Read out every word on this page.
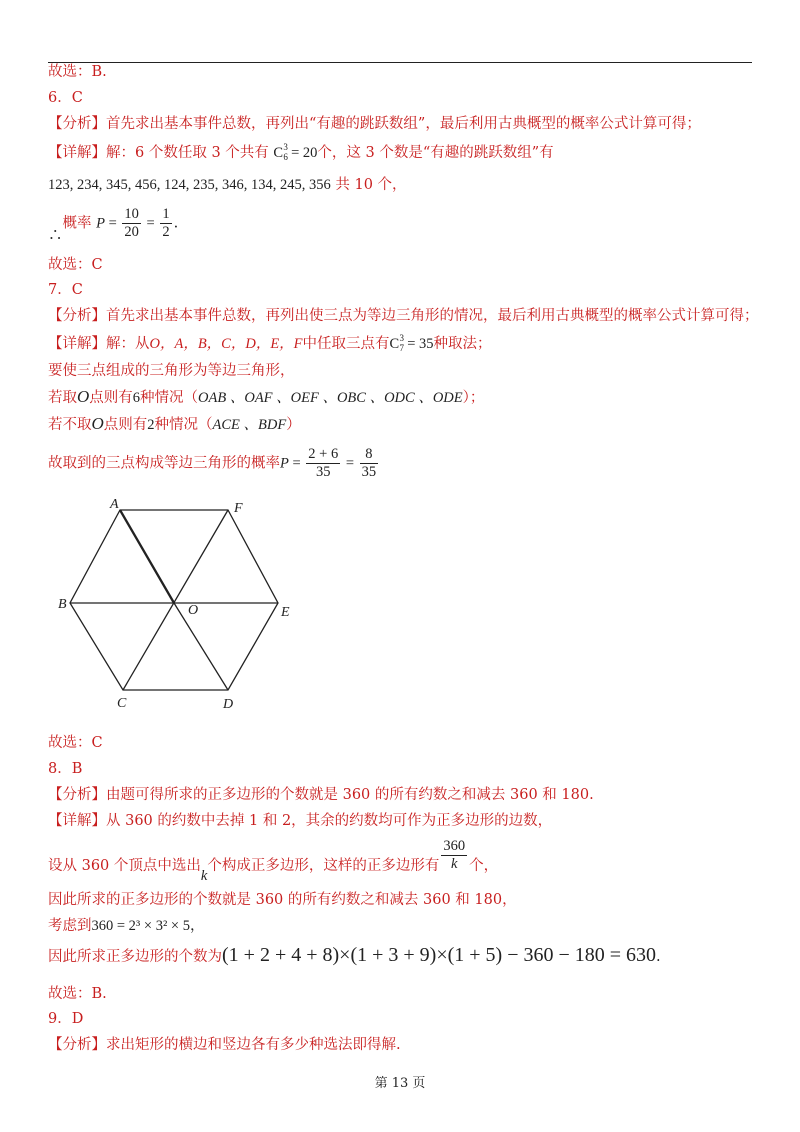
故选：B.
6．C
【分析】首先求出基本事件总数，再列出“有趣的跳跃数组”，最后利用古典概型的概率公式计算可得；
【详解】解：6 个数任取 3 个共有 C 3
6 = 20个，这 3 个数是“有趣的跳跃数组”有
123, 234, 345, 456, 124, 235, 346, 134, 245, 356 共 10 个，
∴概率 $P = \frac{10}{20} = \frac{1}{2}$ .
故选：C
7．C
【分析】首先求出基本事件总数，再列出使三点为等边三角形的情况，最后利用古典概型的概率公式计算可得；
【详解】解：从O，A，B，C，D，E，F中任取三点有C 3
7 = 35种取法；
要使三点组成的三角形为等边三角形，
若取O点则有6种情况（OAB 、OAF 、OEF 、OBC 、ODC 、ODE）；
若不取O点则有2种情况（ACE 、BDF）
故取到的三点构成等边三角形的概率$P = \frac{2 + 6}{35} = \frac{8}{35}$
A	F
B	O	E
C	D
故选：C
8．B
【分析】由题可得所求的正多边形的个数就是 360 的所有约数之和减去 360 和 180.
【详解】从 360 的约数中去掉 1 和 2，其余的约数均可作为正多边形的边数，
设从 360 个顶点中选出k个构成正多边形，这样的正多边形有 $\frac{360}{k}$ 个，
因此所求的正多边形的个数就是 360 的所有约数之和减去 360 和 180，
考虑到360 = 2³ × 3² × 5，
因此所求正多边形的个数为(1 + 2 + 4 + 8)×(1 + 3 + 9)×(1 + 5) − 360 − 180 = 630.
故选：B.
9．D
【分析】求出矩形的横边和竖边各有多少种选法即得解.
第 13 页
